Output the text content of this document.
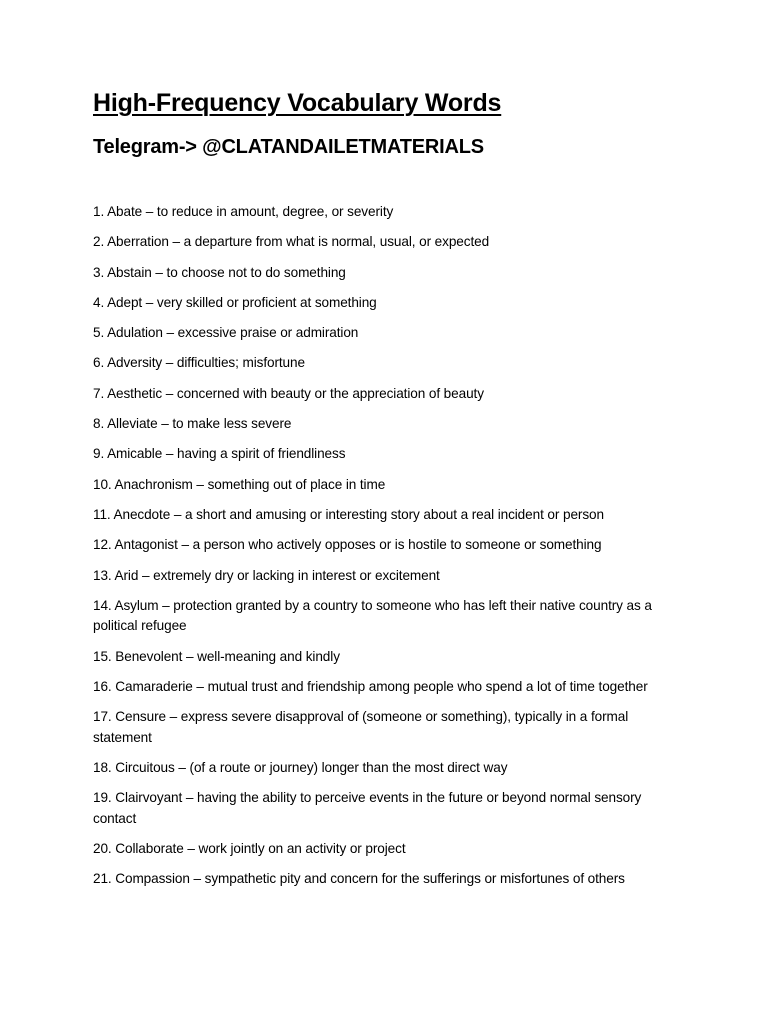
High-Frequency Vocabulary Words
Telegram-> @CLATANDAILETMATERIALS
1. Abate – to reduce in amount, degree, or severity
2. Aberration – a departure from what is normal, usual, or expected
3. Abstain – to choose not to do something
4. Adept – very skilled or proficient at something
5. Adulation – excessive praise or admiration
6. Adversity – difficulties; misfortune
7. Aesthetic – concerned with beauty or the appreciation of beauty
8. Alleviate – to make less severe
9. Amicable – having a spirit of friendliness
10. Anachronism – something out of place in time
11. Anecdote – a short and amusing or interesting story about a real incident or person
12. Antagonist – a person who actively opposes or is hostile to someone or something
13. Arid – extremely dry or lacking in interest or excitement
14. Asylum – protection granted by a country to someone who has left their native country as a political refugee
15. Benevolent – well-meaning and kindly
16. Camaraderie – mutual trust and friendship among people who spend a lot of time together
17. Censure – express severe disapproval of (someone or something), typically in a formal statement
18. Circuitous – (of a route or journey) longer than the most direct way
19. Clairvoyant – having the ability to perceive events in the future or beyond normal sensory contact
20. Collaborate – work jointly on an activity or project
21. Compassion – sympathetic pity and concern for the sufferings or misfortunes of others
